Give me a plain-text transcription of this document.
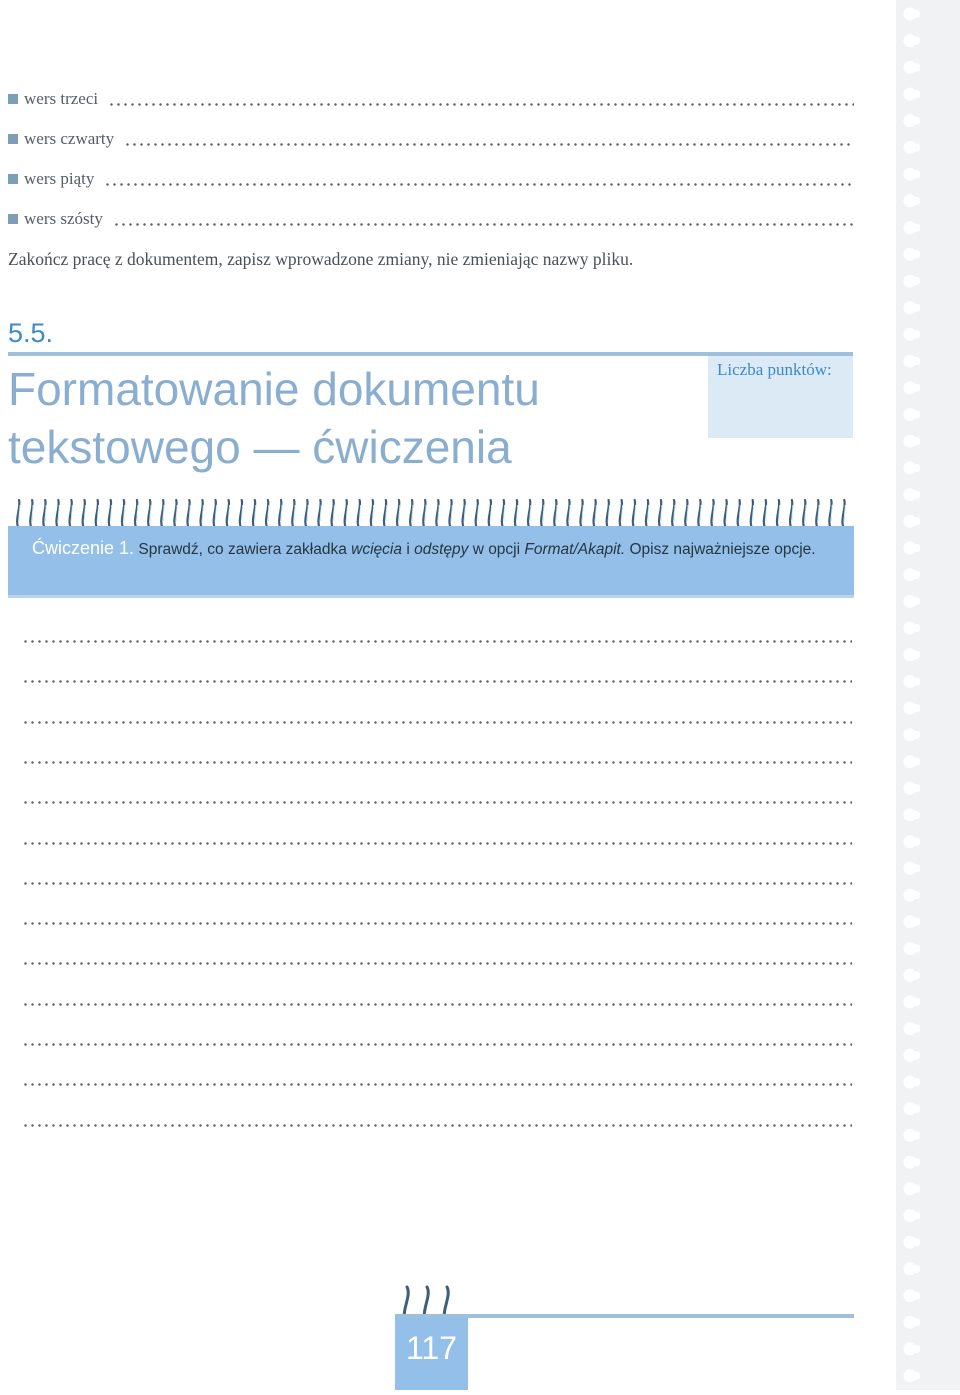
wers trzeci
wers czwarty
wers piąty
wers szósty
Zakończ pracę z dokumentem, zapisz wprowadzone zmiany, nie zmieniając nazwy pliku.
5.5.
Formatowanie dokumentu
tekstowego — ćwiczenia
Liczba punktów:
Ćwiczenie 1. Sprawdź, co zawiera zakładka wcięcia i odstępy w opcji Format/Akapit. Opisz najważniejsze opcje.
117
